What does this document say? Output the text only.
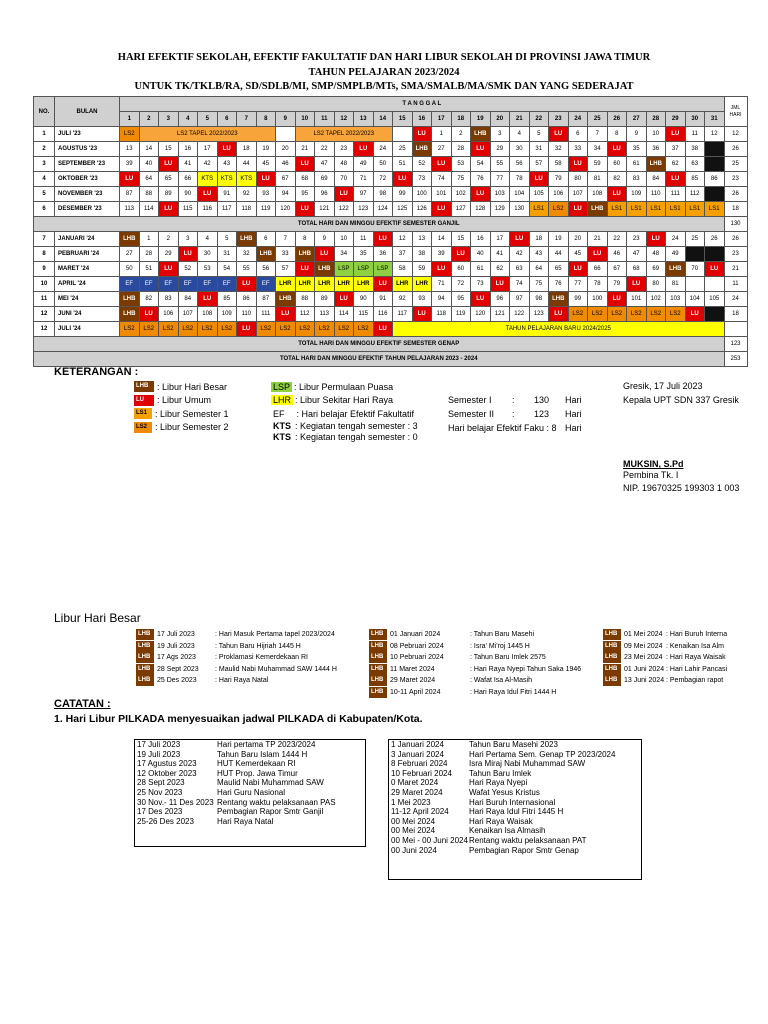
HARI EFEKTIF SEKOLAH, EFEKTIF FAKULTATIF DAN HARI LIBUR SEKOLAH DI PROVINSI JAWA TIMUR
TAHUN PELAJARAN 2023/2024
UNTUK TK/TKLB/RA, SD/SDLB/MI, SMP/SMPLB/MTs, SMA/SMALB/MA/SMK DAN YANG SEDERAJAT
NO.	BULAN	T A N G G A L																															JML HARI
		1	2	3	4	5	6	7	8	9	10	11	12	13	14	15	16	17	18	19	20	21	22	23	24	25	26	27	28	29	30	31	
1	JULI '23	LS2	LS2 TAPEL 2022/2023								LS2 TAPEL 2022/2023						LU	1	2	LHB	3	4	5	LU	6	7	8	9	10	LU	11	12	12
2	AGUSTUS '23	13	14	15	16	17	LU	18	19	20	21	22	23	LU	24	25	LHB	27	28	LU	29	30	31	32	33	34	LU	35	36	37	38		26
3	SEPTEMBER '23	39	40	LU	41	42	43	44	45	46	LU	47	48	49	50	51	52	LU	53	54	55	56	57	58	LU	59	60	61	LHB	62	63		25
4	OKTOBER '23	LU	64	65	66	KTS	KTS	KTS	LU	67	68	69	70	71	72	LU	73	74	75	76	77	78	LU	79	80	81	82	83	84	LU	85	86	23
5	NOVEMBER '23	87	88	89	90	LU	91	92	93	94	95	96	LU	97	98	99	100	101	102	LU	103	104	105	106	107	108	LU	109	110	111	112		26
6	DESEMBER '23	113	114	LU	115	116	117	118	119	120	LU	121	122	123	124	125	126	LU	127	128	129	130	LS1	LS2	LU	LHB	LS1	LS1	LS1	LS1	LS1	LS1	18
TOTAL HARI DAN MINGGU EFEKTIF SEMESTER GANJIL																																	130
7	JANUARI '24	LHB	1	2	3	4	5	LHB	6	7	8	9	10	11	LU	12	13	14	15	16	17	LU	18	19	20	21	22	23	LU	24	25	26	26
8	PEBRUARI '24	27	28	29	LU	30	31	32	LHB	33	LHB	LU	34	35	36	37	38	39	LU	40	41	42	43	44	45	LU	46	47	48	49			23
9	MARET '24	50	51	LU	52	53	54	55	56	57	LU	LHB	LSP	LSP	LSP	58	59	LU	60	61	62	63	64	65	LU	66	67	68	69	LHB	70	LU	21
10	APRIL '24	EF	EF	EF	EF	EF	EF	LU	EF	LHR	LHR	LHR	LHR	LHR	LU	LHR	LHR	71	72	73	LU	74	75	76	77	78	79	LU	80	81			11
11	MEI '24	LHB	82	83	84	LU	85	86	87	LHB	88	89	LU	90	91	92	93	94	95	LU	96	97	98	LHB	99	100	LU	101	102	103	104	105	24
12	JUNI '24	LHB	LU	106	107	108	109	110	111	LU	112	113	114	115	116	117	LU	118	119	120	121	122	123	LU	LS2	LS2	LS2	LS2	LS2	LS2	LU		18
12	JULI '24	LS2	LS2	LS2	LS2	LS2	LS2	LU	LS2	LS2	LS2	LS2	LS2	LS2	LU	TAHUN PELAJARAN BARU 2024/2025																	
TOTAL HARI DAN MINGGU EFEKTIF SEMESTER GENAP																																	123
TOTAL HARI DAN MINGGU EFEKTIF TAHUN PELAJARAN 2023 - 2024																																	253
KETERANGAN :
LHB : Libur Hari Besar
LU	: Libur Umum
LS1 : Libur Semester 1
LS2 : Libur Semester 2
LSP : Libur Permulaan Puasa
LHR : Libur Sekitar Hari Raya
EF : Hari belajar Efektif Fakultatif
KTS : Kegiatan tengah semester : 3
KTS : Kegiatan tengah semester : 0
Semester I : 130 Hari
Semester II : 123 Hari
Hari belajar Efektif Faku : 8 Hari
Gresik, 17 Juli 2023
Kepala UPT SDN 337 Gresik
MUKSIN, S.Pd
Pembina Tk. I
NIP. 19670325 199303 1 003
Libur Hari Besar
LHB 17 Juli 2023	: Hari Masuk Pertama tapel 2023/2024
LHB 19 Juli 2023	: Tahun Baru Hijriah 1445 H
LHB 17 Ags 2023	: Proklamasi Kemerdekaan RI
LHB 28 Sept 2023	: Maulid Nabi Muhammad SAW 1444 H
LHB 25 Des 2023	: Hari Raya Natal
LHB 01 Januari 2024	: Tahun Baru Masehi
LHB 08 Pebruari 2024	: Isra' Mi'roj 1445 H
LHB 10 Pebruari 2024	: Tahun Baru Imlek 2575
LHB 11 Maret 2024	: Hari Raya Nyepi Tahun Saka 1946
LHB 29 Maret 2024	: Wafat Isa Al-Masih
LHB 10-11 April 2024	: Hari Raya Idul Fitri 1444 H
LHB 01 Mei 2024 : Hari Buruh Interna
LHB 09 Mei 2024 : Kenaikan Isa Alm
LHB 23 Mei 2024 : Hari Raya Waisak
LHB 01 Juni 2024 : Hari Lahir Pancasi
LHB 13 Juni 2024 : Pembagian rapot
CATATAN :
1. Hari Libur PILKADA menyesuaikan jadwal PILKADA di Kabupaten/Kota.
17 Juli 2023	Hari pertama TP 2023/2024
19 Juli 2023	Tahun Baru Islam 1444 H
17 Agustus 2023	HUT Kemerdekaan RI
12 Oktober 2023	HUT Prop. Jawa Timur
28 Sept 2023	Maulid Nabi Muhammad SAW
25 Nov 2023	Hari Guru Nasional
30 Nov.- 11 Des 2023 Rentang waktu pelaksanaan PAS
17 Des 2023	Pembagian Rapor Smtr Ganjil
25-26 Des 2023	Hari Raya Natal
1 Januari 2024	Tahun Baru Masehi 2023
3 Januari 2024	Hari Pertama Sem. Genap TP 2023/2024
8 Februari 2024	Isra Miraj Nabi Muhammad SAW
10 Februari 2024	Tahun Baru Imlek
0 Maret 2024	Hari Raya Nyepi
29 Maret 2024	Wafat Yesus Kristus
1 Mei 2023	Hari Buruh Internasional
11-12 April 2024	Hari Raya Idul Fitri 1445 H
00 Mei 2024	Hari Raya Waisak
00 Mei 2024	Kenaikan Isa Almasih
00 Mei - 00 Juni 2024 Rentang waktu pelaksanaan PAT
00 Juni 2024	Pembagian Rapor Smtr Genap
